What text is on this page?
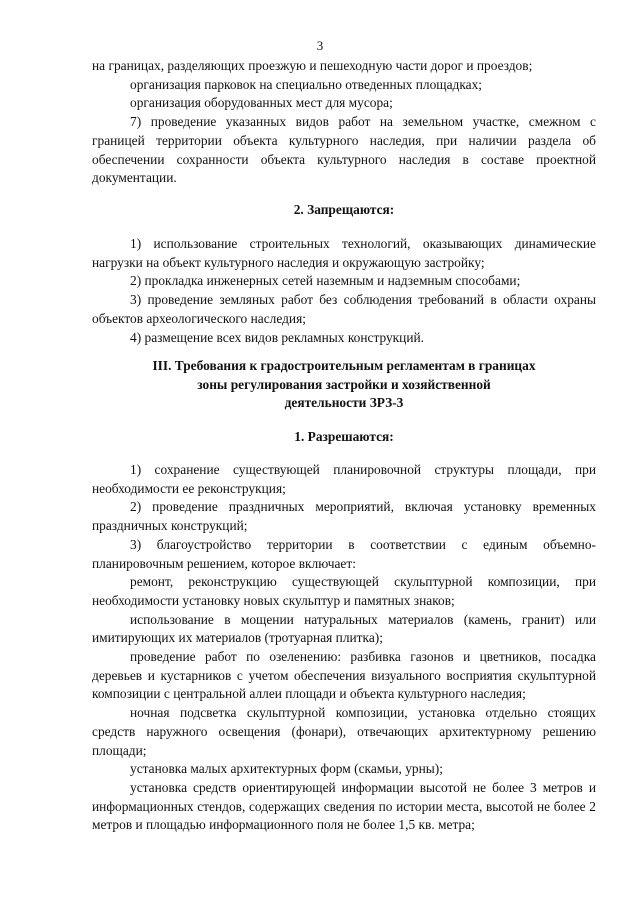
3

на границах, разделяющих проезжую и пешеходную части дорог и проездов;

организация парковок на специально отведенных площадках;

организация оборудованных мест для мусора;

7) проведение указанных видов работ на земельном участке, смежном с границей территории объекта культурного наследия, при наличии раздела об обеспечении сохранности объекта культурного наследия в составе проектной документации.

2. Запрещаются:

1) использование строительных технологий, оказывающих динамические нагрузки на объект культурного наследия и окружающую застройку;

2) прокладка инженерных сетей наземным и надземным способами;

3) проведение земляных работ без соблюдения требований в области охраны объектов археологического наследия;

4) размещение всех видов рекламных конструкций.

III. Требования к градостроительным регламентам в границах

зоны регулирования застройки и хозяйственной

деятельности ЗРЗ-3

1. Разрешаются:

1) сохранение существующей планировочной структуры площади, при необходимости ее реконструкция;

2) проведение праздничных мероприятий, включая установку временных праздничных конструкций;

3) благоустройство территории в соответствии с единым объемно-планировочным решением, которое включает:

ремонт, реконструкцию существующей скульптурной композиции, при необходимости установку новых скульптур и памятных знаков;

использование в мощении натуральных материалов (камень, гранит) или имитирующих их материалов (тротуарная плитка);

проведение работ по озеленению: разбивка газонов и цветников, посадка деревьев и кустарников с учетом обеспечения визуального восприятия скульптурной композиции с центральной аллеи площади и объекта культурного наследия;

ночная подсветка скульптурной композиции, установка отдельно стоящих средств наружного освещения (фонари), отвечающих архитектурному решению площади;

установка малых архитектурных форм (скамьи, урны);

установка средств ориентирующей информации высотой не более 3 метров и информационных стендов, содержащих сведения по истории места, высотой не более 2 метров и площадью информационного поля не более 1,5 кв. метра;
